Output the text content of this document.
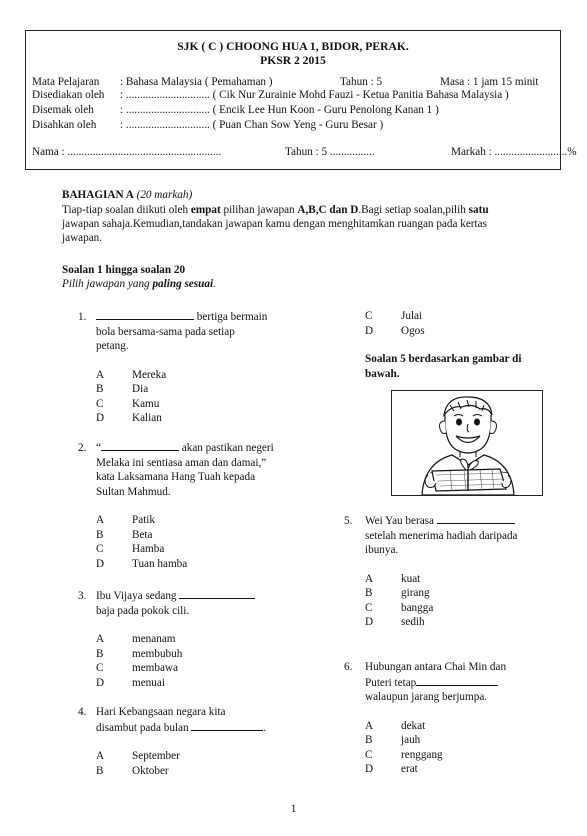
SJK ( C ) CHOONG HUA 1, BIDOR, PERAK.
PKSR 2 2015
Mata Pelajaran : Bahasa Malaysia ( Pemahaman )	Tahun : 5	Masa : 1 jam 15 minit
Disediakan oleh : .............................. ( Cik Nur Zurainie Mohd Fauzi - Ketua Panitia Bahasa Malaysia )
Disemak oleh : .............................. ( Encik Lee Hun Koon - Guru Penolong Kanan 1 )
Disahkan oleh : .............................. ( Puan Chan Sow Yeng - Guru Besar )
Nama : .......................................................	Tahun : 5 ................	Markah : ..........................%
BAHAGIAN A (20 markah)
Tiap-tiap soalan diikuti oleh empat pilihan jawapan A,B,C dan D.Bagi setiap soalan,pilih satu
jawapan sahaja.Kemudian,tandakan jawapan kamu dengan menghitamkan ruangan pada kertas
jawapan.
Soalan 1 hingga soalan 20
Pilih jawapan yang paling sesuai.
1.	bertiga bermain
bola bersama-sama pada setiap
petang.
A Mereka
B	Dia
C	Kamu
D Kalian
2. “	akan pastikan negeri
Melaka ini sentiasa aman dan damai,”
kata Laksamana Hang Tuah kepada
Sultan Mahmud.
A Patik
B	Beta
C	Hamba
D Tuan hamba
3. Ibu Vijaya sedang
baja pada pokok cili.
A menanam
B	membubuh
C	membawa
D menuai
4. Hari Kebangsaan negara kita
disambut pada bulan	.
A September
B	Oktober
C	Julai
D Ogos
Soalan 5 berdasarkan gambar di
bawah.
5. Wei Yau berasa
setelah menerima hadiah daripada
ibunya.
A kuat
B	girang
C	bangga
D sedih
6. Hubungan antara Chai Min dan
Puteri tetap
walaupun jarang berjumpa.
A dekat
B	jauh
C	renggang
D erat
1
